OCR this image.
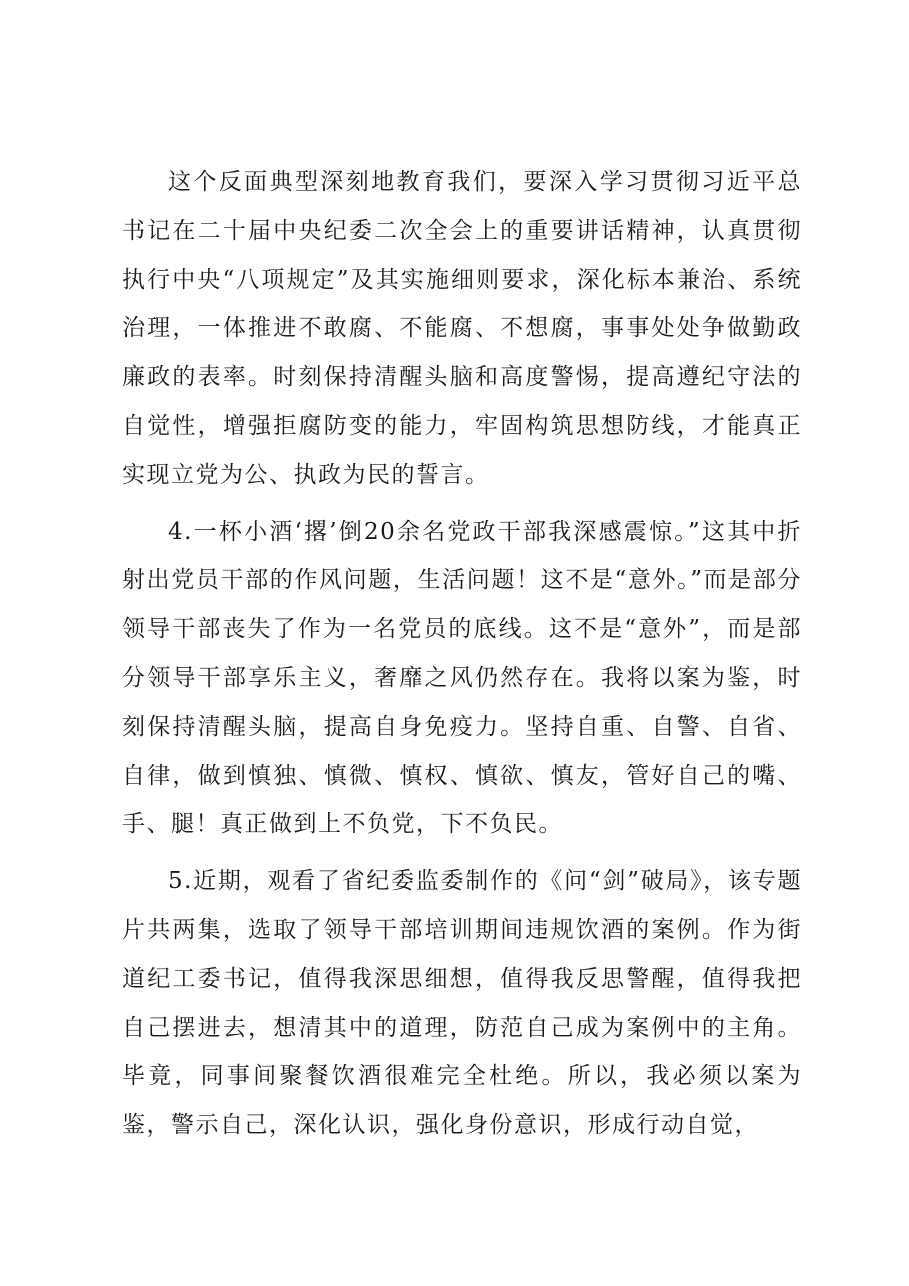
这个反面典型深刻地教育我们，要深入学习贯彻习近平总书记在二十届中央纪委二次全会上的重要讲话精神，认真贯彻执行中央“八项规定”及其实施细则要求，深化标本兼治、系统治理，一体推进不敢腐、不能腐、不想腐，事事处处争做勤政廉政的表率。时刻保持清醒头脑和高度警惕，提高遵纪守法的自觉性，增强拒腐防变的能力，牢固构筑思想防线，才能真正实现立党为公、执政为民的誓言。

4.一杯小酒‘撂’倒20余名党政干部我深感震惊。”这其中折射出党员干部的作风问题，生活问题！这不是“意外。”而是部分领导干部丧失了作为一名党员的底线。这不是“意外”，而是部分领导干部享乐主义，奢靡之风仍然存在。我将以案为鉴，时刻保持清醒头脑，提高自身免疫力。坚持自重、自警、自省、自律，做到慎独、慎微、慎权、慎欲、慎友，管好自己的嘴、手、腿！真正做到上不负党，下不负民。

5.近期，观看了省纪委监委制作的《问“剑”破局》，该专题片共两集，选取了领导干部培训期间违规饮酒的案例。作为街道纪工委书记，值得我深思细想，值得我反思警醒，值得我把自己摆进去，想清其中的道理，防范自己成为案例中的主角。毕竟，同事间聚餐饮酒很难完全杜绝。所以，我必须以案为鉴，警示自己，深化认识，强化身份意识，形成行动自觉，
